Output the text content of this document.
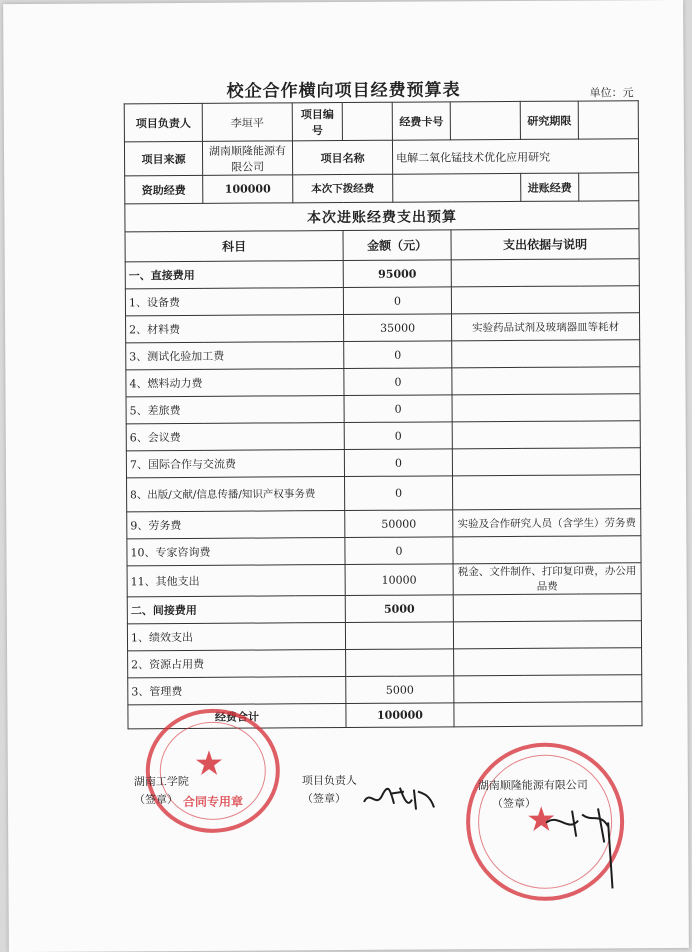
校企合作横向项目经费预算表	单位：元
项目负责人	李垣平	项目编号		经费卡号		研究期限	
项目来源	湖南顺隆能源有限公司	项目名称		电解二氧化锰技术优化应用研究			
资助经费	100000	本次下拨经费				进账经费	
本次进账经费支出预算							
科目			金额（元）		支出依据与说明		
一、直接费用			95000				
1、设备费			0				
2、材料费			35000		实验药品试剂及玻璃器皿等耗材		
3、测试化验加工费			0				
4、燃料动力费			0				
5、差旅费			0				
6、会议费			0				
7、国际合作与交流费			0				
8、出版/文献/信息传播/知识产权事务费			0				
9、劳务费			50000		实验及合作研究人员（含学生）劳务费		
10、专家咨询费			0				
11、其他支出			10000		税金、文件制作、打印复印费，办公用品费		
二、间接费用			5000				
1、绩效支出							
2、资源占用费							
3、管理费			5000				
经费合计			100000				
★
合同专用章	★
湖南工学院
（签章）
项目负责人
（签章）
湖南顺隆能源有限公司
（签章）
